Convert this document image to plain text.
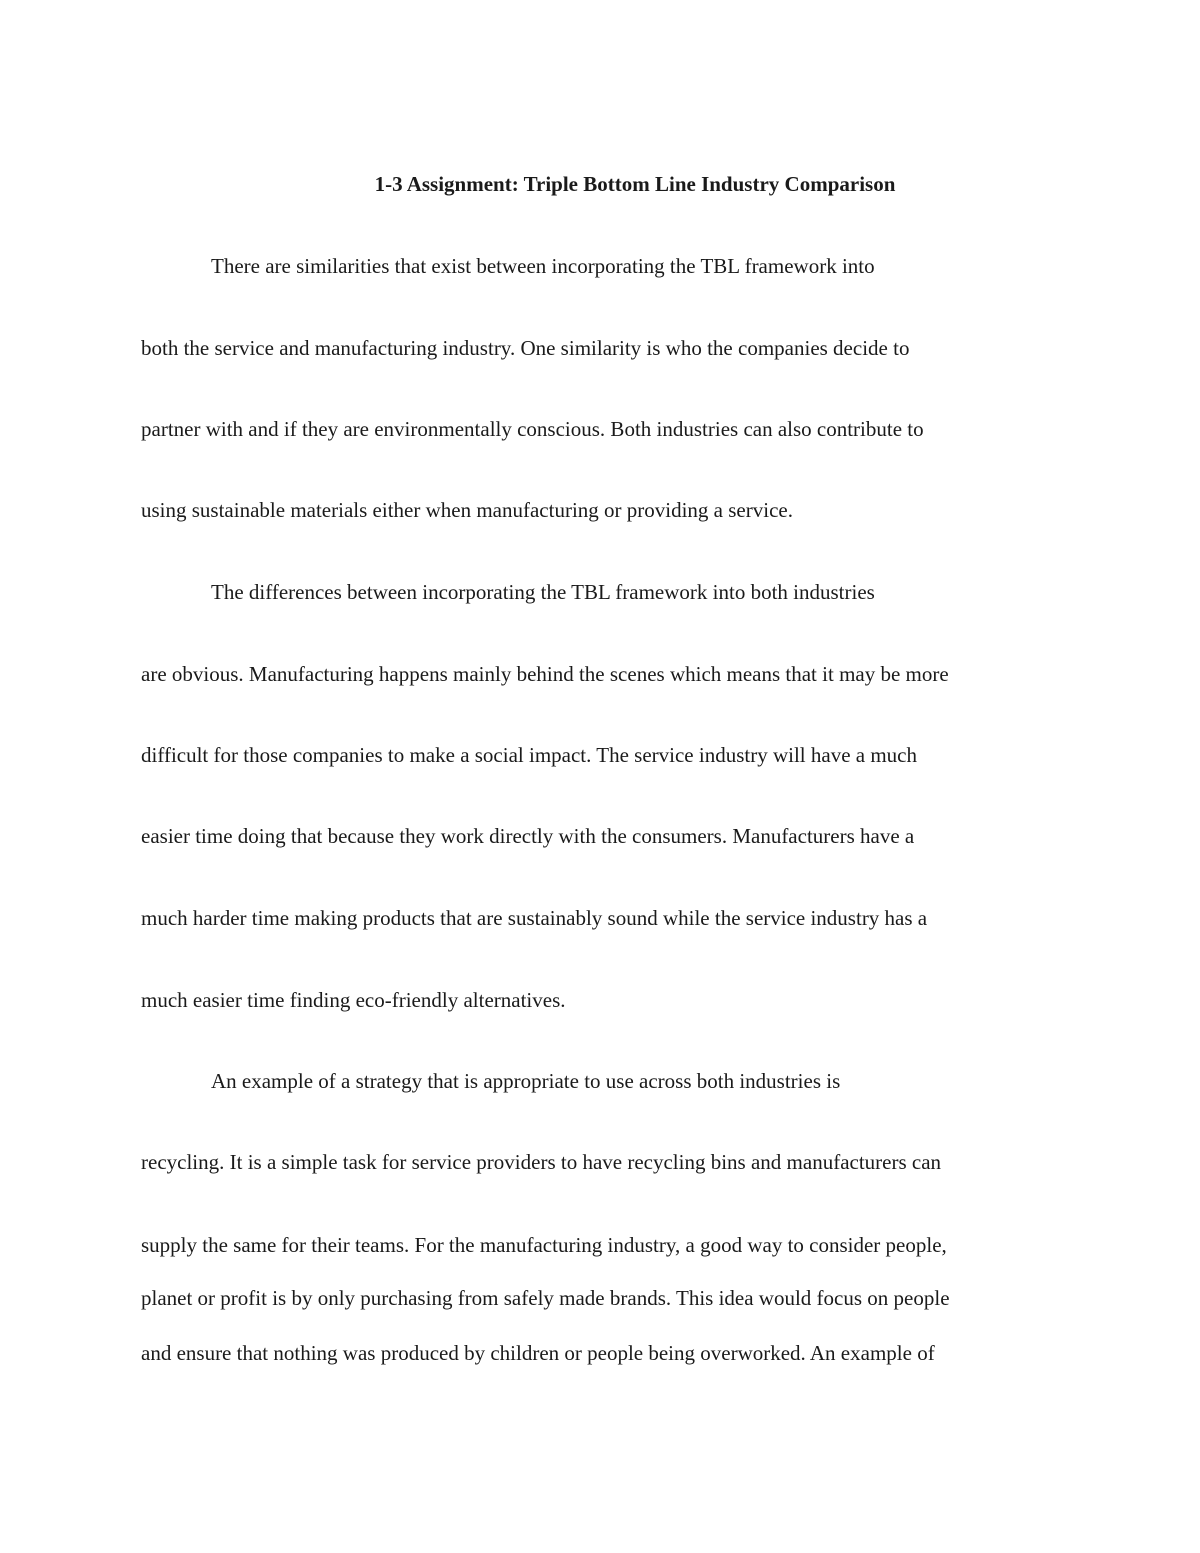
1-3 Assignment: Triple Bottom Line Industry Comparison
There are similarities that exist between incorporating the TBL framework into
both the service and manufacturing industry. One similarity is who the companies decide to
partner with and if they are environmentally conscious. Both industries can also contribute to
using sustainable materials either when manufacturing or providing a service.
The differences between incorporating the TBL framework into both industries
are obvious. Manufacturing happens mainly behind the scenes which means that it may be more
difficult for those companies to make a social impact. The service industry will have a much
easier time doing that because they work directly with the consumers. Manufacturers have a
much harder time making products that are sustainably sound while the service industry has a
much easier time finding eco-friendly alternatives.
An example of a strategy that is appropriate to use across both industries is
recycling. It is a simple task for service providers to have recycling bins and manufacturers can
supply the same for their teams. For the manufacturing industry, a good way to consider people,
planet or profit is by only purchasing from safely made brands. This idea would focus on people
and ensure that nothing was produced by children or people being overworked. An example of
